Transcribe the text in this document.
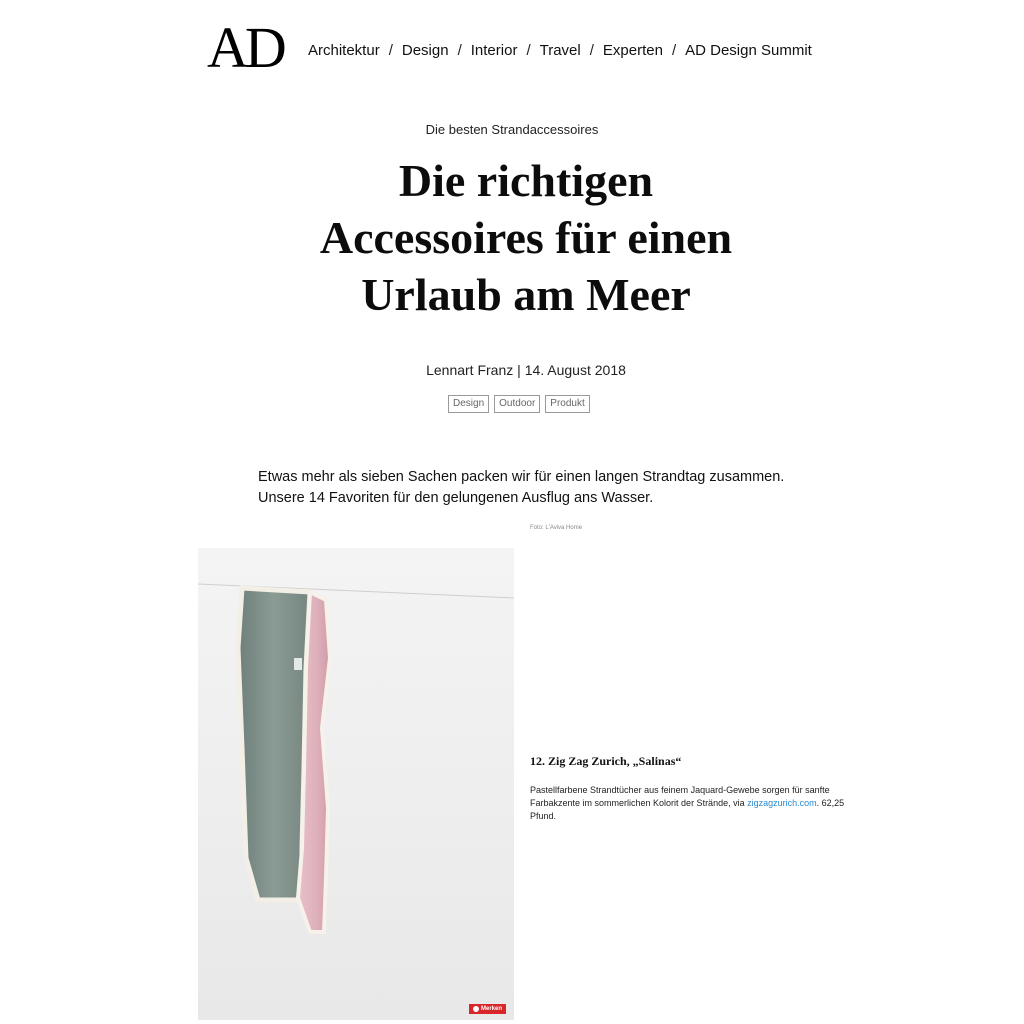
AD Architektur / Design / Interior / Travel / Experten / AD Design Summit
Die besten Strandaccessoires
Die richtigen
Accessoires für einen
Urlaub am Meer
Lennart Franz | 14. August 2018
Design	Outdoor	Produkt

Etwas mehr als sieben Sachen packen wir für einen langen Strandtag zusammen.
Unsere 14 Favoriten für den gelungenen Ausflug ans Wasser.

Foto: L'Aviva Home
Merken
12. Zig Zag Zurich, „Salinas“

Pastellfarbene Strandtücher aus feinem Jaquard-Gewebe sorgen für sanfte Farbakzente im sommerlichen Kolorit der Strände, via zigzagzurich.com. 62,25 Pfund.
